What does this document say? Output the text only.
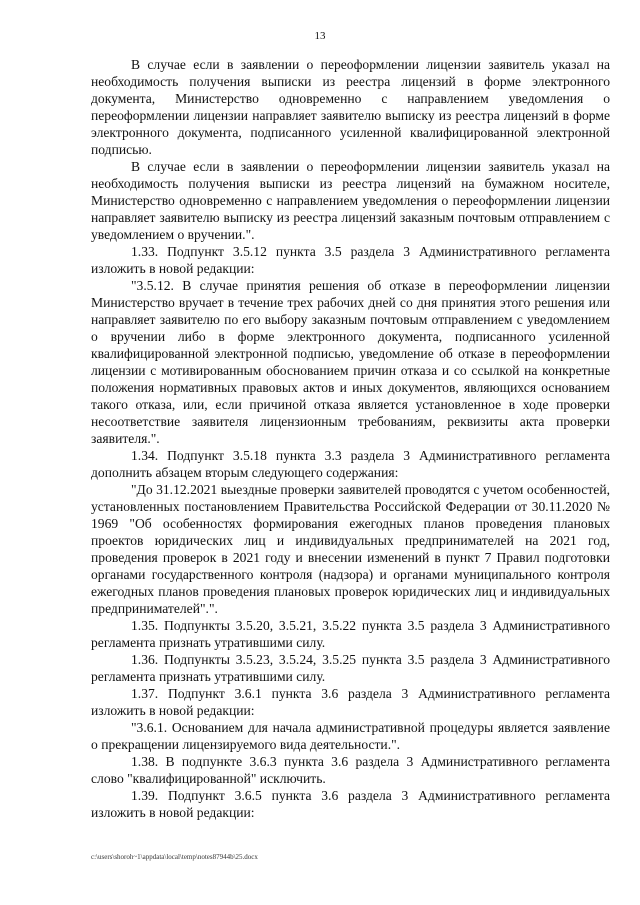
13

В случае если в заявлении о переоформлении лицензии заявитель указал на необходимость получения выписки из реестра лицензий в форме электронного документа, Министерство одновременно с направлением уведомления о переоформлении лицензии направляет заявителю выписку из реестра лицензий в форме электронного документа, подписанного усиленной квалифицированной электронной подписью.

В случае если в заявлении о переоформлении лицензии заявитель указал на необходимость получения выписки из реестра лицензий на бумажном носителе, Министерство одновременно с направлением уведомления о переоформлении лицензии направляет заявителю выписку из реестра лицензий заказным почтовым отправлением с уведомлением о вручении.".

1.33. Подпункт 3.5.12 пункта 3.5 раздела 3 Административного регламента изложить в новой редакции:

"3.5.12. В случае принятия решения об отказе в переоформлении лицензии Министерство вручает в течение трех рабочих дней со дня принятия этого решения или направляет заявителю по его выбору заказным почтовым отправлением с уведомлением о вручении либо в форме электронного документа, подписанного усиленной квалифицированной электронной подписью, уведомление об отказе в переоформлении лицензии с мотивированным обоснованием причин отказа и со ссылкой на конкретные положения нормативных правовых актов и иных документов, являющихся основанием такого отказа, или, если причиной отказа является установленное в ходе проверки несоответствие заявителя лицензионным требованиям, реквизиты акта проверки заявителя.".

1.34. Подпункт 3.5.18 пункта 3.3 раздела 3 Административного регламента дополнить абзацем вторым следующего содержания:

"До 31.12.2021 выездные проверки заявителей проводятся с учетом особенностей, установленных постановлением Правительства Российской Федерации от 30.11.2020 № 1969 "Об особенностях формирования ежегодных планов проведения плановых проектов юридических лиц и индивидуальных предпринимателей на 2021 год, проведения проверок в 2021 году и внесении изменений в пункт 7 Правил подготовки органами государственного контроля (надзора) и органами муниципального контроля ежегодных планов проведения плановых проверок юридических лиц и индивидуальных предпринимателей".".

1.35. Подпункты 3.5.20, 3.5.21, 3.5.22 пункта 3.5 раздела 3 Административного регламента признать утратившими силу.

1.36. Подпункты 3.5.23, 3.5.24, 3.5.25 пункта 3.5 раздела 3 Административного регламента признать утратившими силу.

1.37. Подпункт 3.6.1 пункта 3.6 раздела 3 Административного регламента изложить в новой редакции:

"3.6.1. Основанием для начала административной процедуры является заявление о прекращении лицензируемого вида деятельности.".

1.38. В подпункте 3.6.3 пункта 3.6 раздела 3 Административного регламента слово "квалифицированной" исключить.

1.39. Подпункт 3.6.5 пункта 3.6 раздела 3 Административного регламента изложить в новой редакции:

c:\users\shoroh~1\appdata\local\temp\notes87944b\25.docx
